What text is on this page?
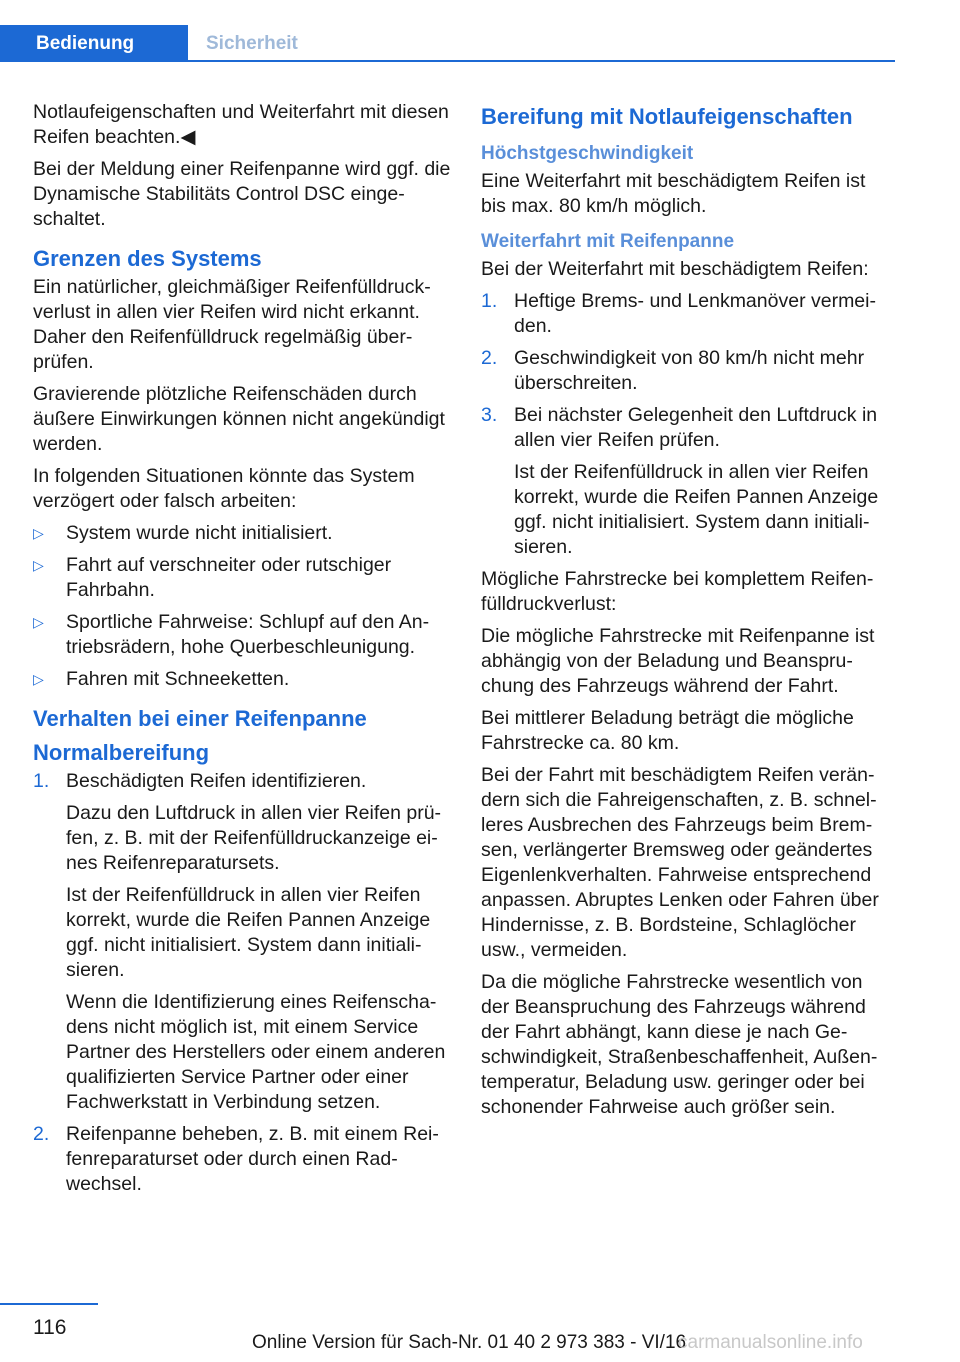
Bedienung	Sicherheit

Notlaufeigenschaften und Weiterfahrt mit diesen Reifen beachten.◀

Bei der Meldung einer Reifenpanne wird ggf. die Dynamische Stabilitäts Control DSC eingeschaltet.

Grenzen des Systems

Ein natürlicher, gleichmäßiger Reifenfülldruckverlust in allen vier Reifen wird nicht erkannt. Daher den Reifenfülldruck regelmäßig überprüfen.

Gravierende plötzliche Reifenschäden durch äußere Einwirkungen können nicht angekündigt werden.

In folgenden Situationen könnte das System verzögert oder falsch arbeiten:

▷ System wurde nicht initialisiert.
▷ Fahrt auf verschneiter oder rutschiger Fahrbahn.
▷ Sportliche Fahrweise: Schlupf auf den Antriebsrädern, hohe Querbeschleunigung.
▷ Fahren mit Schneeketten.
Verhalten bei einer Reifenpanne
Normalbereifung
1. Beschädigten Reifen identifizieren.

Dazu den Luftdruck in allen vier Reifen prüfen, z. B. mit der Reifenfülldruckanzeige eines Reifenreparatursets.

Ist der Reifenfülldruck in allen vier Reifen korrekt, wurde die Reifen Pannen Anzeige ggf. nicht initialisiert. System dann initialisieren.

Wenn die Identifizierung eines Reifenschadens nicht möglich ist, mit einem Service Partner des Herstellers oder einem anderen qualifizierten Service Partner oder einer Fachwerkstatt in Verbindung setzen.

2. Reifenpanne beheben, z. B. mit einem Reifenreparaturset oder durch einen Radwechsel.

Bereifung mit Notlaufeigenschaften
Höchstgeschwindigkeit

Eine Weiterfahrt mit beschädigtem Reifen ist bis max. 80 km/h möglich.

Weiterfahrt mit Reifenpanne

Bei der Weiterfahrt mit beschädigtem Reifen:

1. Heftige Brems- und Lenkmanöver vermeiden.

2. Geschwindigkeit von 80 km/h nicht mehr überschreiten.

3. Bei nächster Gelegenheit den Luftdruck in allen vier Reifen prüfen.

Ist der Reifenfülldruck in allen vier Reifen korrekt, wurde die Reifen Pannen Anzeige ggf. nicht initialisiert. System dann initialisieren.

Mögliche Fahrstrecke bei komplettem Reifenfülldruckverlust:

Die mögliche Fahrstrecke mit Reifenpanne ist abhängig von der Beladung und Beanspruchung des Fahrzeugs während der Fahrt.

Bei mittlerer Beladung beträgt die mögliche Fahrstrecke ca. 80 km.

Bei der Fahrt mit beschädigtem Reifen verändern sich die Fahreigenschaften, z. B. schnelleres Ausbrechen des Fahrzeugs beim Bremsen, verlängerter Bremsweg oder geändertes Eigenlenkverhalten. Fahrweise entsprechend anpassen. Abruptes Lenken oder Fahren über Hindernisse, z. B. Bordsteine, Schlaglöcher usw., vermeiden.

Da die mögliche Fahrstrecke wesentlich von der Beanspruchung des Fahrzeugs während der Fahrt abhängt, kann diese je nach Geschwindigkeit, Straßenbeschaffenheit, Außentemperatur, Beladung usw. geringer oder bei schonender Fahrweise auch größer sein.

116
Online Version für Sach-Nr. 01 40 2 973 383 - VI/16
carmanualsonline.info
